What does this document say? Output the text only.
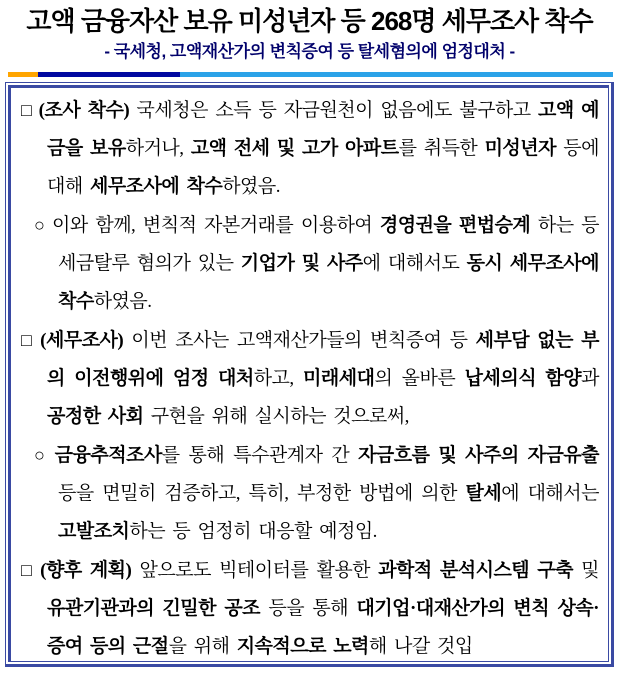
고액 금융자산 보유 미성년자 등 268명 세무조사 착수
- 국세청, 고액재산가의 변칙증여 등 탈세혐의에 엄정대처 -

□ (조사 착수) 국세청은 소득 등 자금원천이 없음에도 불구하고 고액 예금을 보유하거나, 고액 전세 및 고가 아파트를 취득한 미성년자 등에 대해 세무조사에 착수하였음.

○ 이와 함께, 변칙적 자본거래를 이용하여 경영권을 편법승계 하는 등 세금탈루 혐의가 있는 기업가 및 사주에 대해서도 동시 세무조사에 착수하였음.

□ (세무조사) 이번 조사는 고액재산가들의 변칙증여 등 세부담 없는 부의 이전행위에 엄정 대처하고, 미래세대의 올바른 납세의식 함양과 공정한 사회 구현을 위해 실시하는 것으로써,

○ 금융추적조사를 통해 특수관계자 간 자금흐름 및 사주의 자금유출 등을 면밀히 검증하고, 특히, 부정한 방법에 의한 탈세에 대해서는 고발조치하는 등 엄정히 대응할 예정임.

□ (향후 계획) 앞으로도 빅테이터를 활용한 과학적 분석시스템 구축 및 유관기관과의 긴밀한 공조 등을 통해 대기업·대재산가의 변칙 상속·증여 등의 근절을 위해 지속적으로 노력해 나갈 것입
